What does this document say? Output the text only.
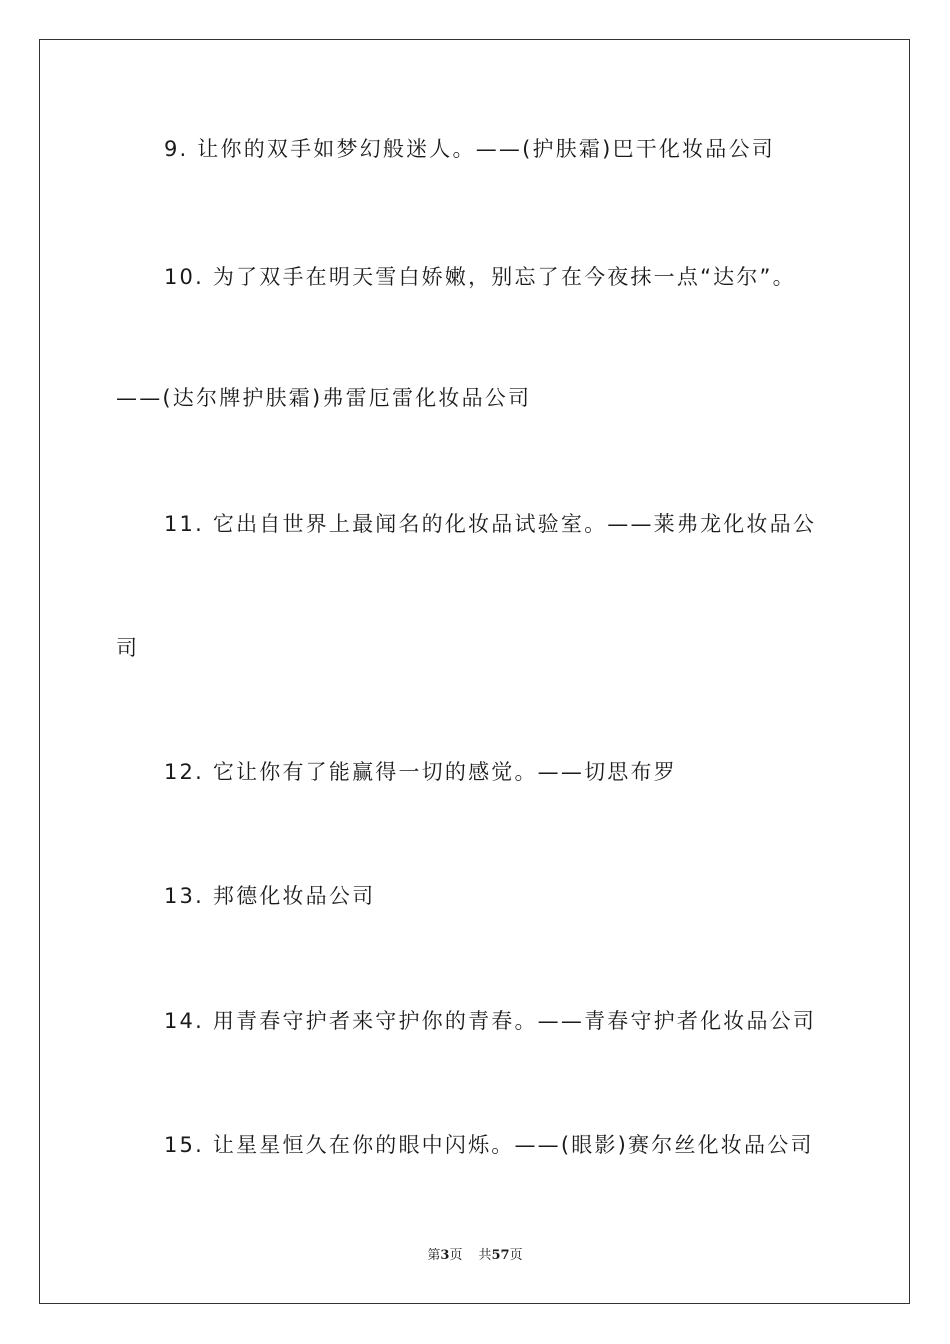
9. 让你的双手如梦幻般迷人。——(护肤霜)巴干化妆品公司
10. 为了双手在明天雪白娇嫩，别忘了在今夜抹一点“达尔”。
——(达尔牌护肤霜)弗雷厄雷化妆品公司
11. 它出自世界上最闻名的化妆品试验室。——莱弗龙化妆品公
司
12. 它让你有了能赢得一切的感觉。——切思布罗
13. 邦德化妆品公司
14. 用青春守护者来守护你的青春。——青春守护者化妆品公司
15. 让星星恒久在你的眼中闪烁。——(眼影)赛尔丝化妆品公司
第3页 共57页
